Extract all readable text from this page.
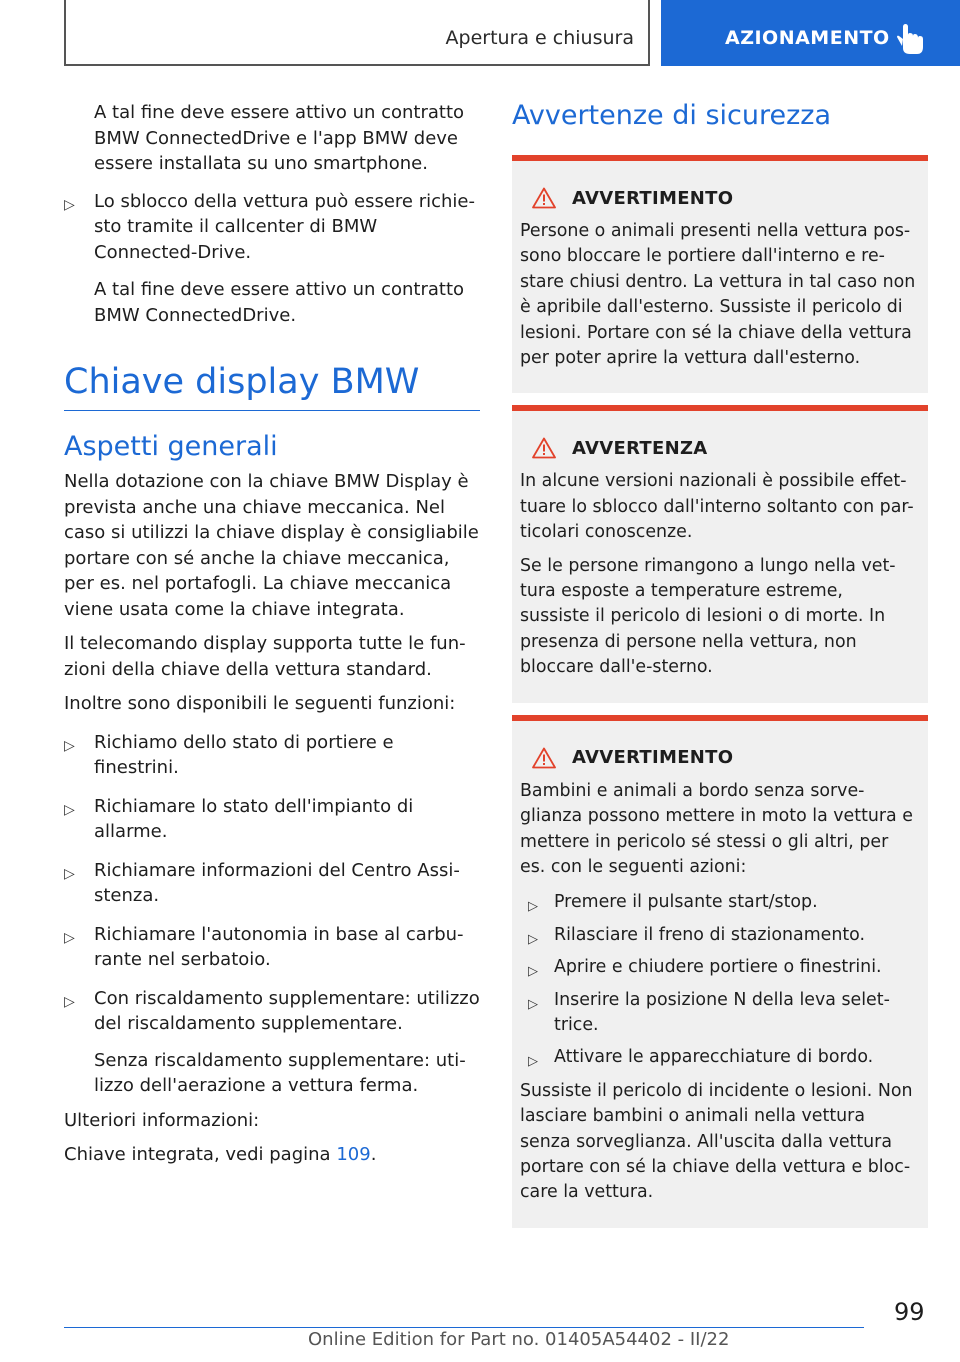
Apertura e chiusura	AZIONAMENTO

A tal fine deve essere attivo un contratto BMW ConnectedDrive e l'app BMW deve essere installata su uno smartphone.

▷ Lo sblocco della vettura può essere richie-sto tramite il callcenter di BMW Connected-Drive.

A tal fine deve essere attivo un contratto BMW ConnectedDrive.

Chiave display BMW
Aspetti generali

Nella dotazione con la chiave BMW Display è prevista anche una chiave meccanica. Nel caso si utilizzi la chiave display è consigliabile portare con sé anche la chiave meccanica, per es. nel portafogli. La chiave meccanica viene usata come la chiave integrata.

Il telecomando display supporta tutte le fun-zioni della chiave della vettura standard.

Inoltre sono disponibili le seguenti funzioni:

▷ Richiamo dello stato di portiere e finestrini.
▷ Richiamare lo stato dell'impianto di allarme.
▷ Richiamare informazioni del Centro Assi-stenza.
▷ Richiamare l'autonomia in base al carbu-rante nel serbatoio.
▷ Con riscaldamento supplementare: utilizzo del riscaldamento supplementare.

Senza riscaldamento supplementare: uti-lizzo dell'aerazione a vettura ferma.

Ulteriori informazioni:

Chiave integrata, vedi pagina 109.

Avvertenze di sicurezza
AVVERTIMENTO

Persone o animali presenti nella vettura pos-sono bloccare le portiere dall'interno e re-stare chiusi dentro. La vettura in tal caso non è apribile dall'esterno. Sussiste il pericolo di lesioni. Portare con sé la chiave della vettura per poter aprire la vettura dall'esterno.

AVVERTENZA

In alcune versioni nazionali è possibile effet-tuare lo sblocco dall'interno soltanto con par-ticolari conoscenze.

Se le persone rimangono a lungo nella vet-tura esposte a temperature estreme, sussiste il pericolo di lesioni o di morte. In presenza di persone nella vettura, non bloccare dall'e-sterno.

AVVERTIMENTO

Bambini e animali a bordo senza sorve-glianza possono mettere in moto la vettura e mettere in pericolo sé stessi o gli altri, per es. con le seguenti azioni:

▷ Premere il pulsante start/stop.
▷ Rilasciare il freno di stazionamento.
▷ Aprire e chiudere portiere o finestrini.
▷ Inserire la posizione N della leva selet-trice.
▷ Attivare le apparecchiature di bordo.

Sussiste il pericolo di incidente o lesioni. Non lasciare bambini o animali nella vettura senza sorveglianza. All'uscita dalla vettura portare con sé la chiave della vettura e bloc-care la vettura.

99
Online Edition for Part no. 01405A54402 - II/22
